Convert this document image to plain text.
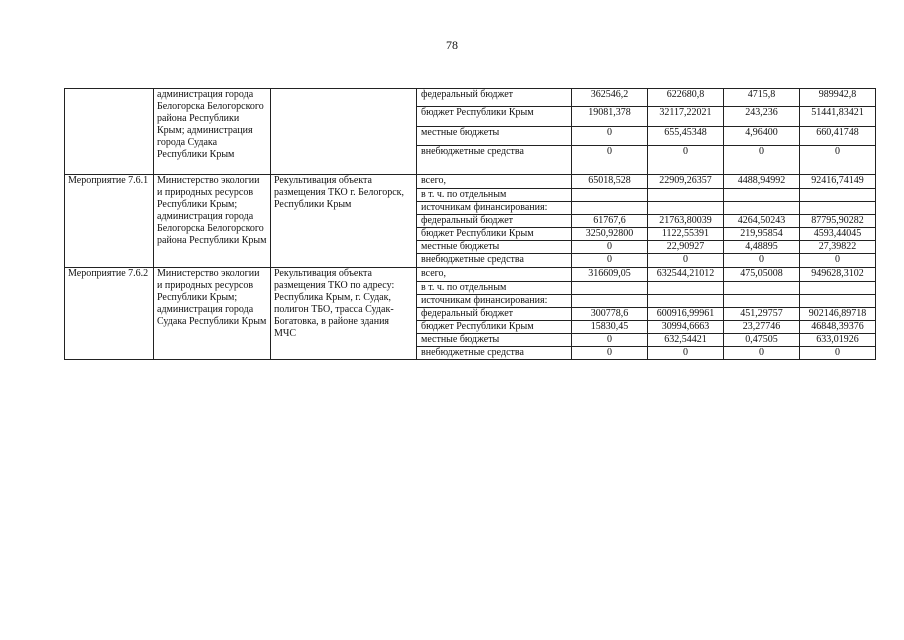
78
	администрация города Белогорска Белогорского района Республики Крым; администрация города Судака Республики Крым		федеральный бюджет	362546,2	622680,8	4715,8	989942,8
			бюджет Республики Крым	19081,378	32117,22021	243,236	51441,83421
			местные бюджеты	0	655,45348	4,96400	660,41748
			внебюджетные средства	0	0	0	0
Мероприятие 7.6.1	Министерство экологии и природных ресурсов Республики Крым; администрация города Белогорска Белогорского района Республики Крым	Рекультивация объекта размещения ТКО г. Белогорск, Республики Крым	всего,	65018,528	22909,26357	4488,94992	92416,74149
			в т. ч. по отдельным				
			источникам финансирования:				
			федеральный бюджет	61767,6	21763,80039	4264,50243	87795,90282
			бюджет Республики Крым	3250,92800	1122,55391	219,95854	4593,44045
			местные бюджеты	0	22,90927	4,48895	27,39822
			внебюджетные средства	0	0	0	0
Мероприятие 7.6.2	Министерство экологии и природных ресурсов Республики Крым; администрация города Судака Республики Крым	Рекультивация объекта размещения ТКО по адресу: Республика Крым, г. Судак, полигон ТБО, трасса Судак-Богатовка, в районе здания МЧС	всего,	316609,05	632544,21012	475,05008	949628,3102
			в т. ч. по отдельным				
			источникам финансирования:				
			федеральный бюджет	300778,6	600916,99961	451,29757	902146,89718
			бюджет Республики Крым	15830,45	30994,6663	23,27746	46848,39376
			местные бюджеты	0	632,54421	0,47505	633,01926
			внебюджетные средства	0	0	0	0
